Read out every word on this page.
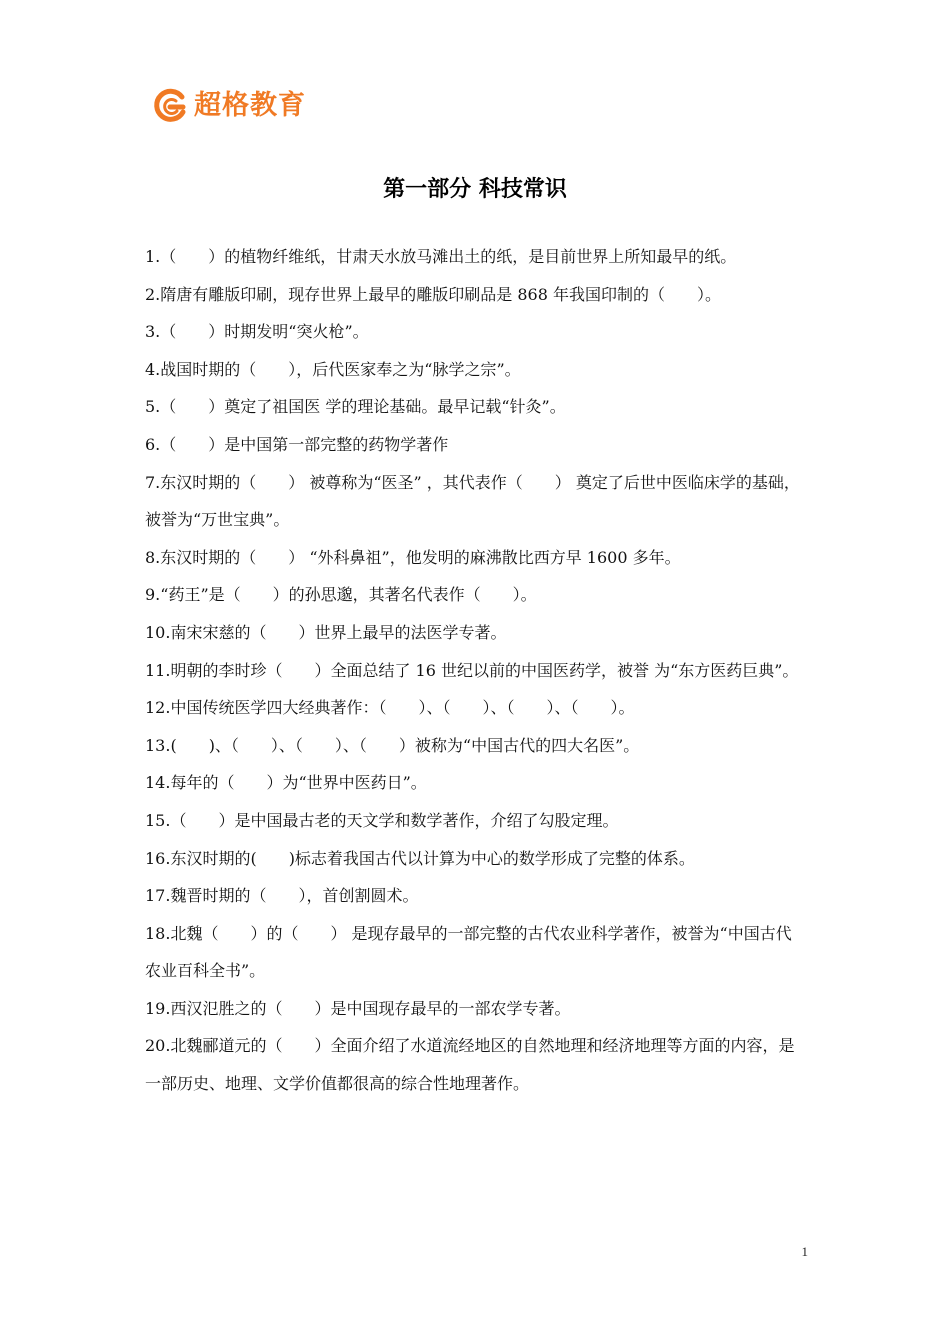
超格教育
第一部分 科技常识

1.（　　）的植物纤维纸，甘肃天水放马滩出土的纸，是目前世界上所知最早的纸。

2.隋唐有雕版印刷，现存世界上最早的雕版印刷品是 868 年我国印制的（　　）。

3.（　　）时期发明“突火枪”。

4.战国时期的（　　），后代医家奉之为“脉学之宗”。

5.（　　）奠定了祖国医 学的理论基础。最早记载“针灸”。

6.（　　）是中国第一部完整的药物学著作

7.东汉时期的（　　） 被尊称为“医圣” ，其代表作（　　） 奠定了后世中医临床学的基础，被誉为“万世宝典”。

8.东汉时期的（　　） “外科鼻祖”，他发明的麻沸散比西方早 1600 多年。

9.“药王”是（　　）的孙思邈，其著名代表作（　　）。

10.南宋宋慈的（　　）世界上最早的法医学专著。

11.明朝的李时珍（　　）全面总结了 16 世纪以前的中国医药学，被誉 为“东方医药巨典”。

12.中国传统医学四大经典著作：（　　）、（　　）、（　　）、（　　）。

13.(　　)、（　　）、（　　）、（　　）被称为“中国古代的四大名医”。

14.每年的（　　）为“世界中医药日”。

15.（　　）是中国最古老的天文学和数学著作，介绍了勾股定理。

16.东汉时期的(　　)标志着我国古代以计算为中心的数学形成了完整的体系。

17.魏晋时期的（　　），首创割圆术。

18.北魏（　　）的（　　） 是现存最早的一部完整的古代农业科学著作，被誉为“中国古代农业百科全书”。

19.西汉氾胜之的（　　）是中国现存最早的一部农学专著。

20.北魏郦道元的（　　）全面介绍了水道流经地区的自然地理和经济地理等方面的内容，是一部历史、地理、文学价值都很高的综合性地理著作。

1
